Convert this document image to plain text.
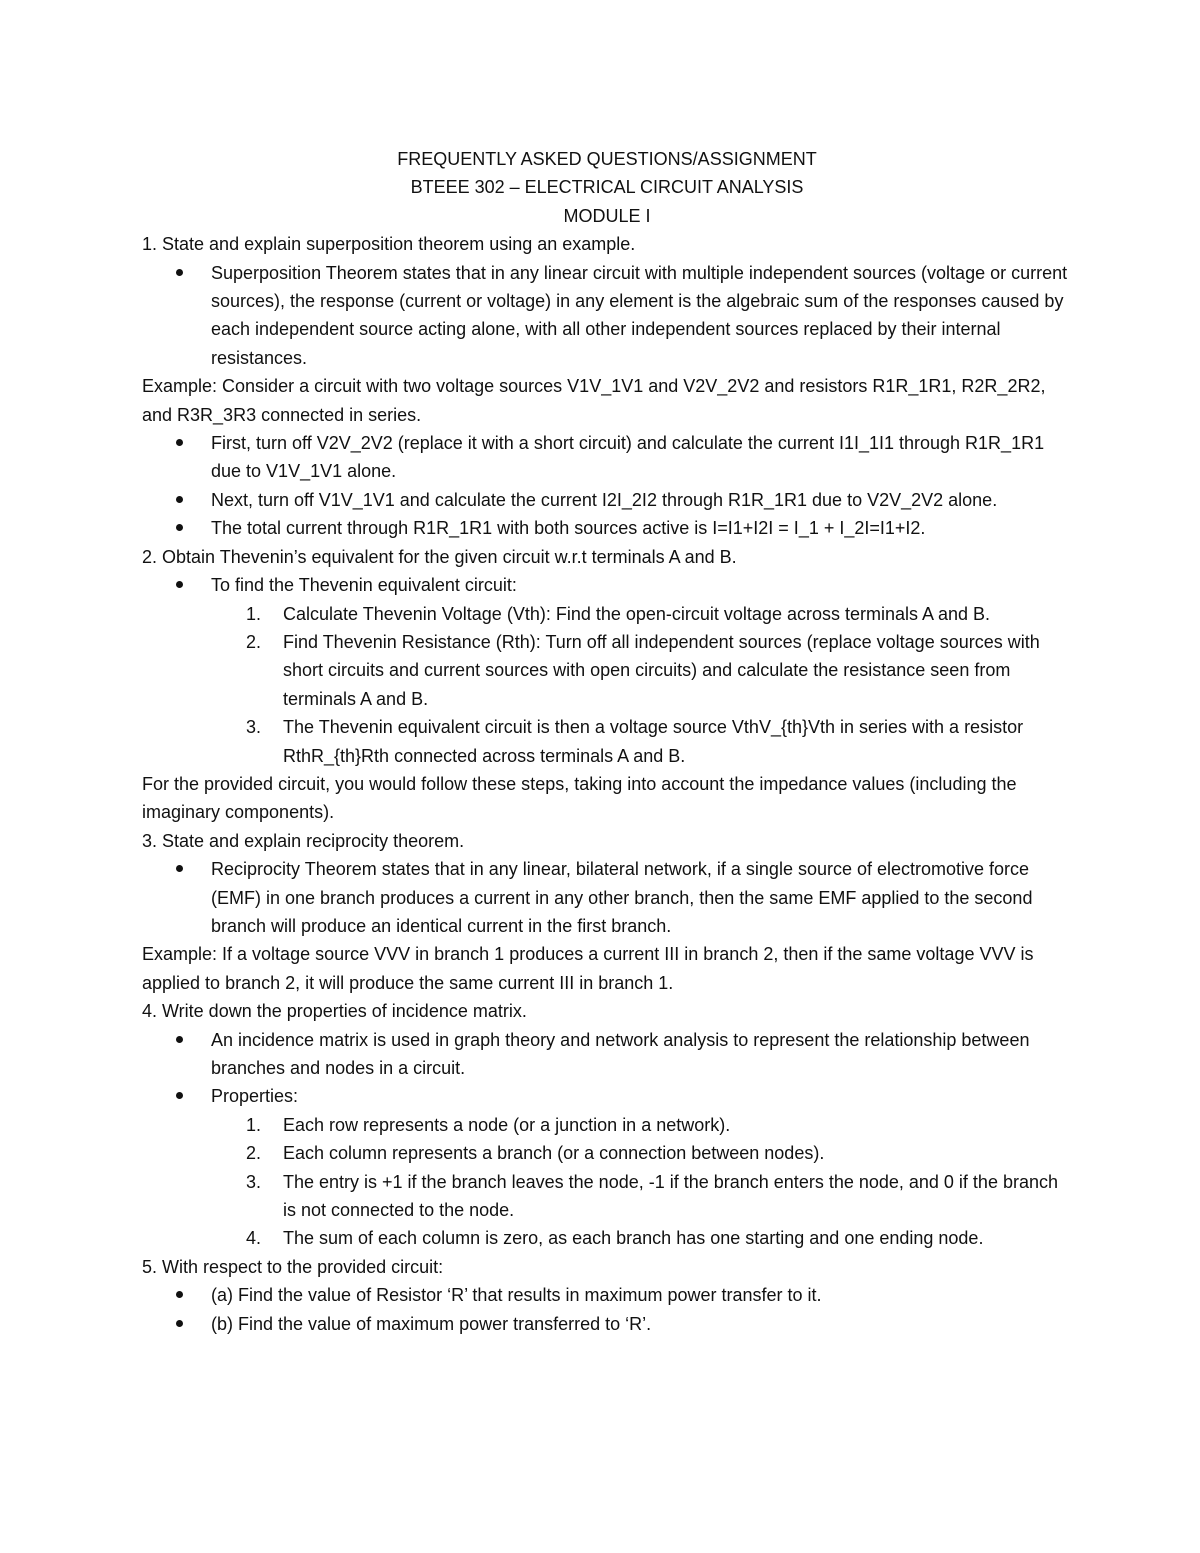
FREQUENTLY ASKED QUESTIONS/ASSIGNMENT

BTEEE 302 – ELECTRICAL CIRCUIT ANALYSIS

MODULE I

1. State and explain superposition theorem using an example.

Superposition Theorem states that in any linear circuit with multiple independent sources (voltage or current sources), the response (current or voltage) in any element is the algebraic sum of the responses caused by each independent source acting alone, with all other independent sources replaced by their internal resistances.

Example: Consider a circuit with two voltage sources V1V_1V1 and V2V_2V2 and resistors R1R_1R1, R2R_2R2, and R3R_3R3 connected in series.

First, turn off V2V_2V2 (replace it with a short circuit) and calculate the current I1I_1I1 through R1R_1R1 due to V1V_1V1 alone.
Next, turn off V1V_1V1 and calculate the current I2I_2I2 through R1R_1R1 due to V2V_2V2 alone.
The total current through R1R_1R1 with both sources active is I=I1+I2I = I_1 + I_2I=I1+I2.

2. Obtain Thevenin’s equivalent for the given circuit w.r.t terminals A and B.

To find the Thevenin equivalent circuit:
1. Calculate Thevenin Voltage (Vth): Find the open-circuit voltage across terminals A and B.
2. Find Thevenin Resistance (Rth): Turn off all independent sources (replace voltage sources with short circuits and current sources with open circuits) and calculate the resistance seen from terminals A and B.
3. The Thevenin equivalent circuit is then a voltage source VthV_{th}Vth in series with a resistor RthR_{th}Rth connected across terminals A and B.

For the provided circuit, you would follow these steps, taking into account the impedance values (including the imaginary components).

3. State and explain reciprocity theorem.

Reciprocity Theorem states that in any linear, bilateral network, if a single source of electromotive force (EMF) in one branch produces a current in any other branch, then the same EMF applied to the second branch will produce an identical current in the first branch.

Example: If a voltage source VVV in branch 1 produces a current III in branch 2, then if the same voltage VVV is applied to branch 2, it will produce the same current III in branch 1.

4. Write down the properties of incidence matrix.

An incidence matrix is used in graph theory and network analysis to represent the relationship between branches and nodes in a circuit.
Properties:
1. Each row represents a node (or a junction in a network).
2. Each column represents a branch (or a connection between nodes).
3. The entry is +1 if the branch leaves the node, -1 if the branch enters the node, and 0 if the branch is not connected to the node.
4. The sum of each column is zero, as each branch has one starting and one ending node.

5. With respect to the provided circuit:

(a) Find the value of Resistor ‘R’ that results in maximum power transfer to it.
(b) Find the value of maximum power transferred to ‘R’.
